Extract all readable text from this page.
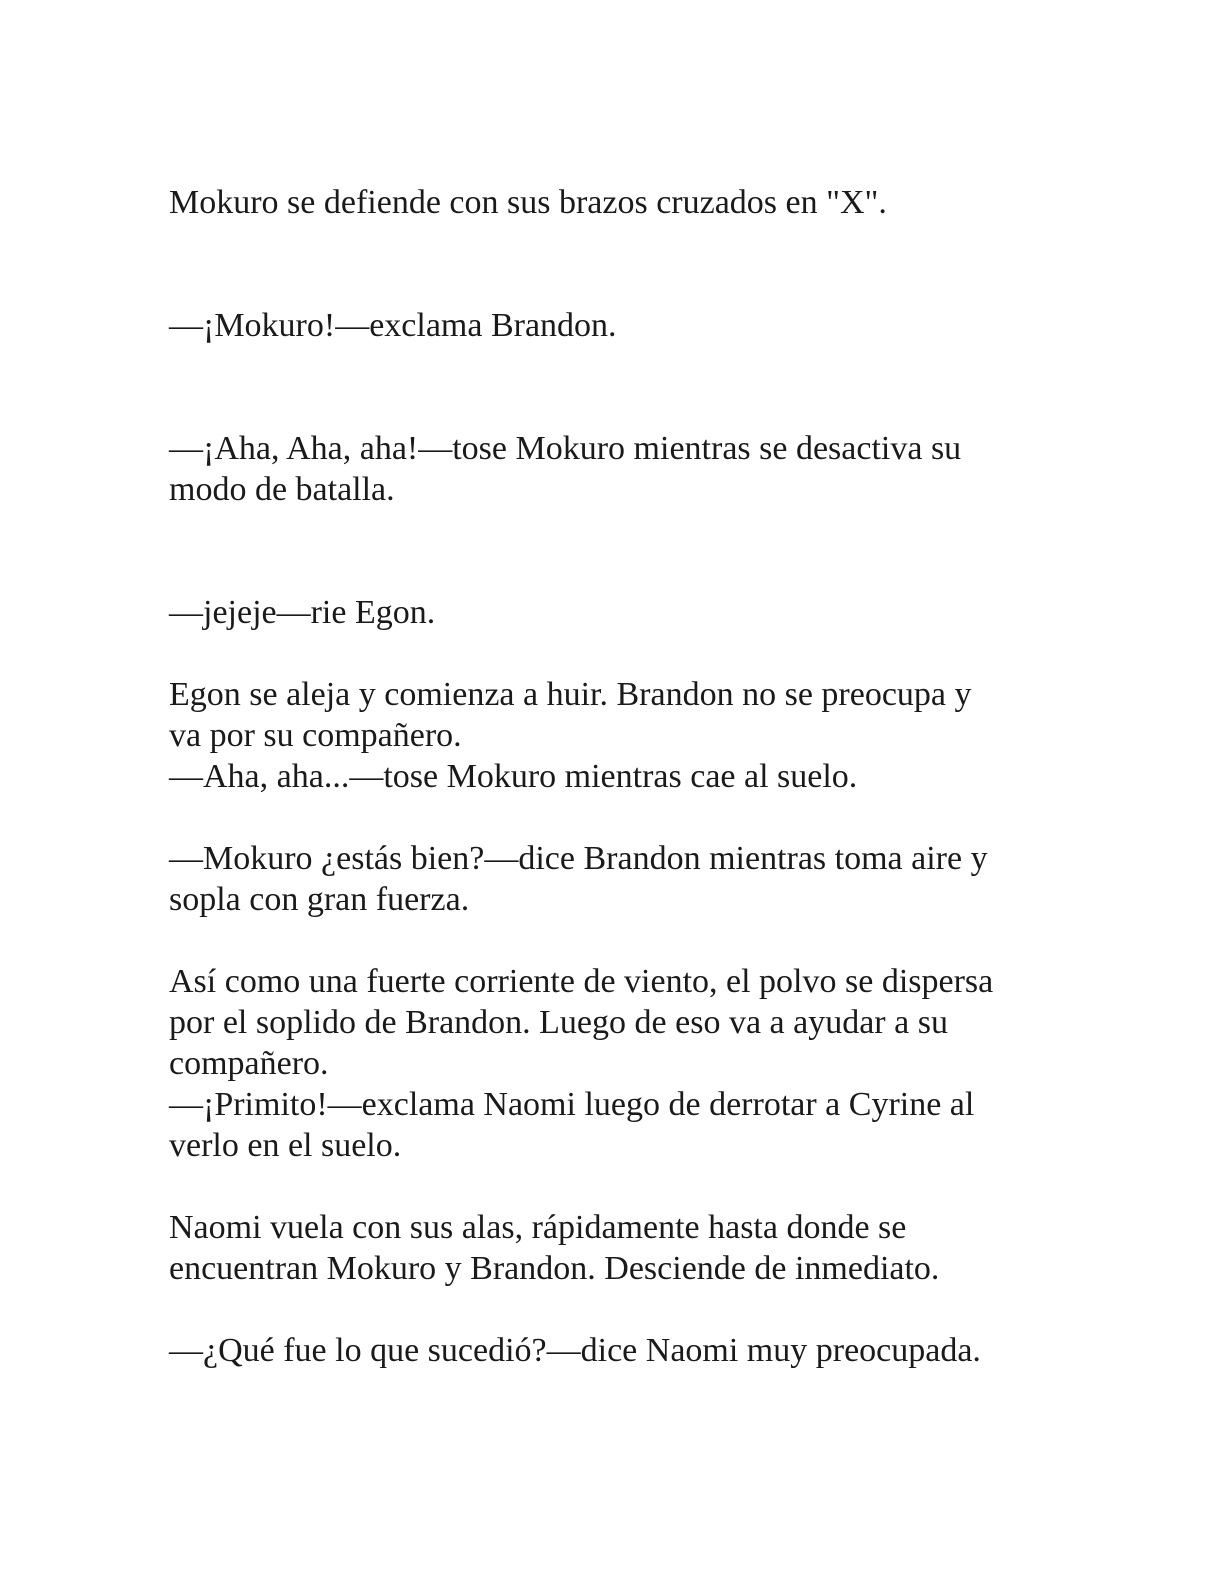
Mokuro se defiende con sus brazos cruzados en "X".

—¡Mokuro!—exclama Brandon.

—¡Aha, Aha, aha!—tose Mokuro mientras se desactiva su
modo de batalla.

—jejeje—rie Egon.

Egon se aleja y comienza a huir. Brandon no se preocupa y
va por su compañero.
—Aha, aha...—tose Mokuro mientras cae al suelo.

—Mokuro ¿estás bien?—dice Brandon mientras toma aire y
sopla con gran fuerza.

Así como una fuerte corriente de viento, el polvo se dispersa
por el soplido de Brandon. Luego de eso va a ayudar a su
compañero.
—¡Primito!—exclama Naomi luego de derrotar a Cyrine al
verlo en el suelo.

Naomi vuela con sus alas, rápidamente hasta donde se
encuentran Mokuro y Brandon. Desciende de inmediato.

—¿Qué fue lo que sucedió?—dice Naomi muy preocupada.
